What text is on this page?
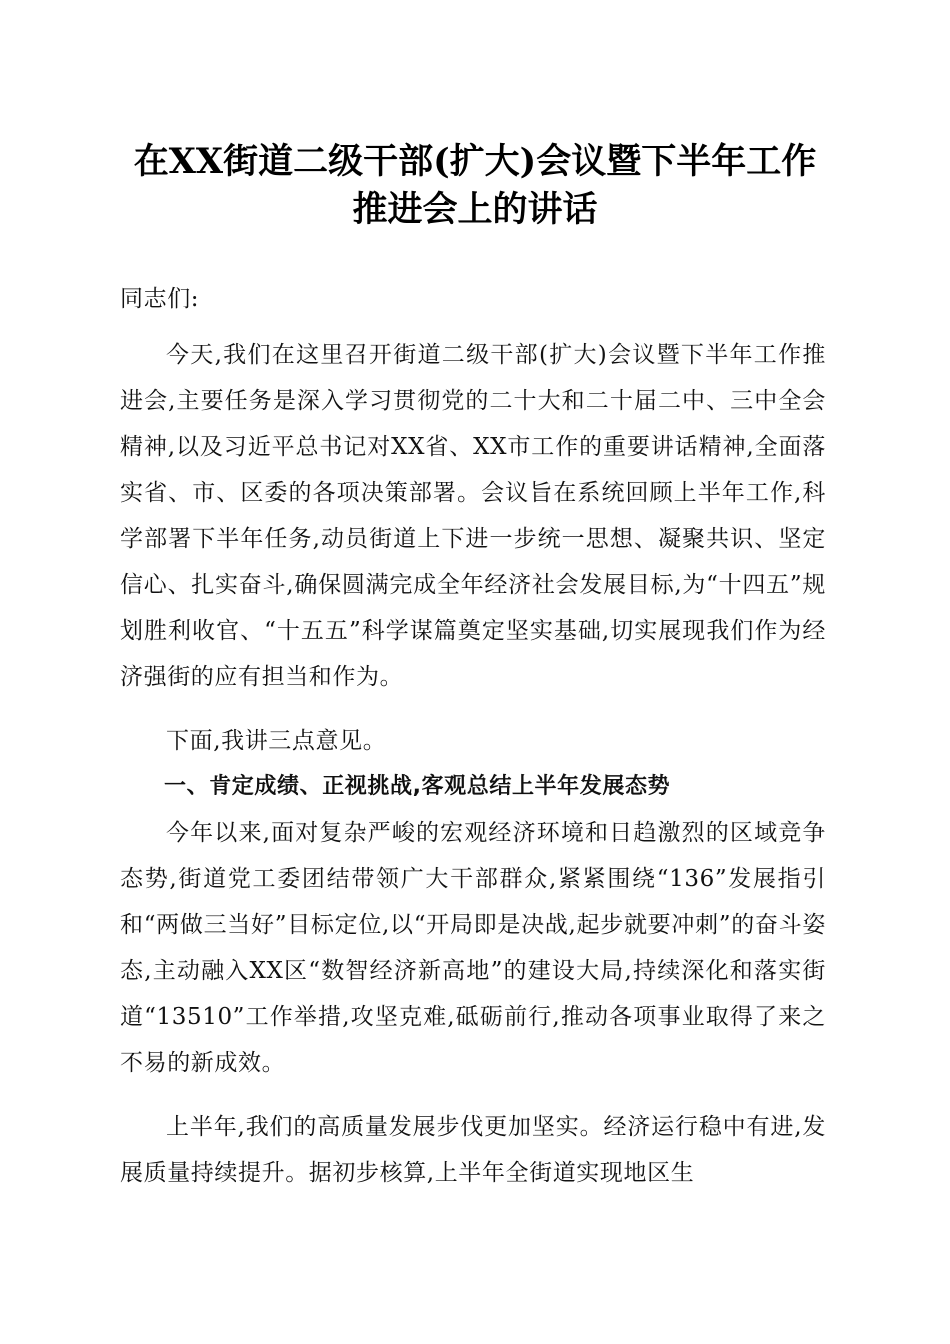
在XX街道二级干部(扩大)会议暨下半年工作
推进会上的讲话
同志们:

今天,我们在这里召开街道二级干部(扩大)会议暨下半年工作推进会,主要任务是深入学习贯彻党的二十大和二十届二中、三中全会精神,以及习近平总书记对XX省、XX市工作的重要讲话精神,全面落实省、市、区委的各项决策部署。会议旨在系统回顾上半年工作,科学部署下半年任务,动员街道上下进一步统一思想、凝聚共识、坚定信心、扎实奋斗,确保圆满完成全年经济社会发展目标,为“十四五”规划胜利收官、“十五五”科学谋篇奠定坚实基础,切实展现我们作为经济强街的应有担当和作为。

下面,我讲三点意见。

一、肯定成绩、正视挑战,客观总结上半年发展态势

今年以来,面对复杂严峻的宏观经济环境和日趋激烈的区域竞争态势,街道党工委团结带领广大干部群众,紧紧围绕“136”发展指引和“两做三当好”目标定位,以“开局即是决战,起步就要冲刺”的奋斗姿态,主动融入XX区“数智经济新高地”的建设大局,持续深化和落实街道“13510”工作举措,攻坚克难,砥砺前行,推动各项事业取得了来之不易的新成效。

上半年,我们的高质量发展步伐更加坚实。经济运行稳中有进,发展质量持续提升。据初步核算,上半年全街道实现地区生
